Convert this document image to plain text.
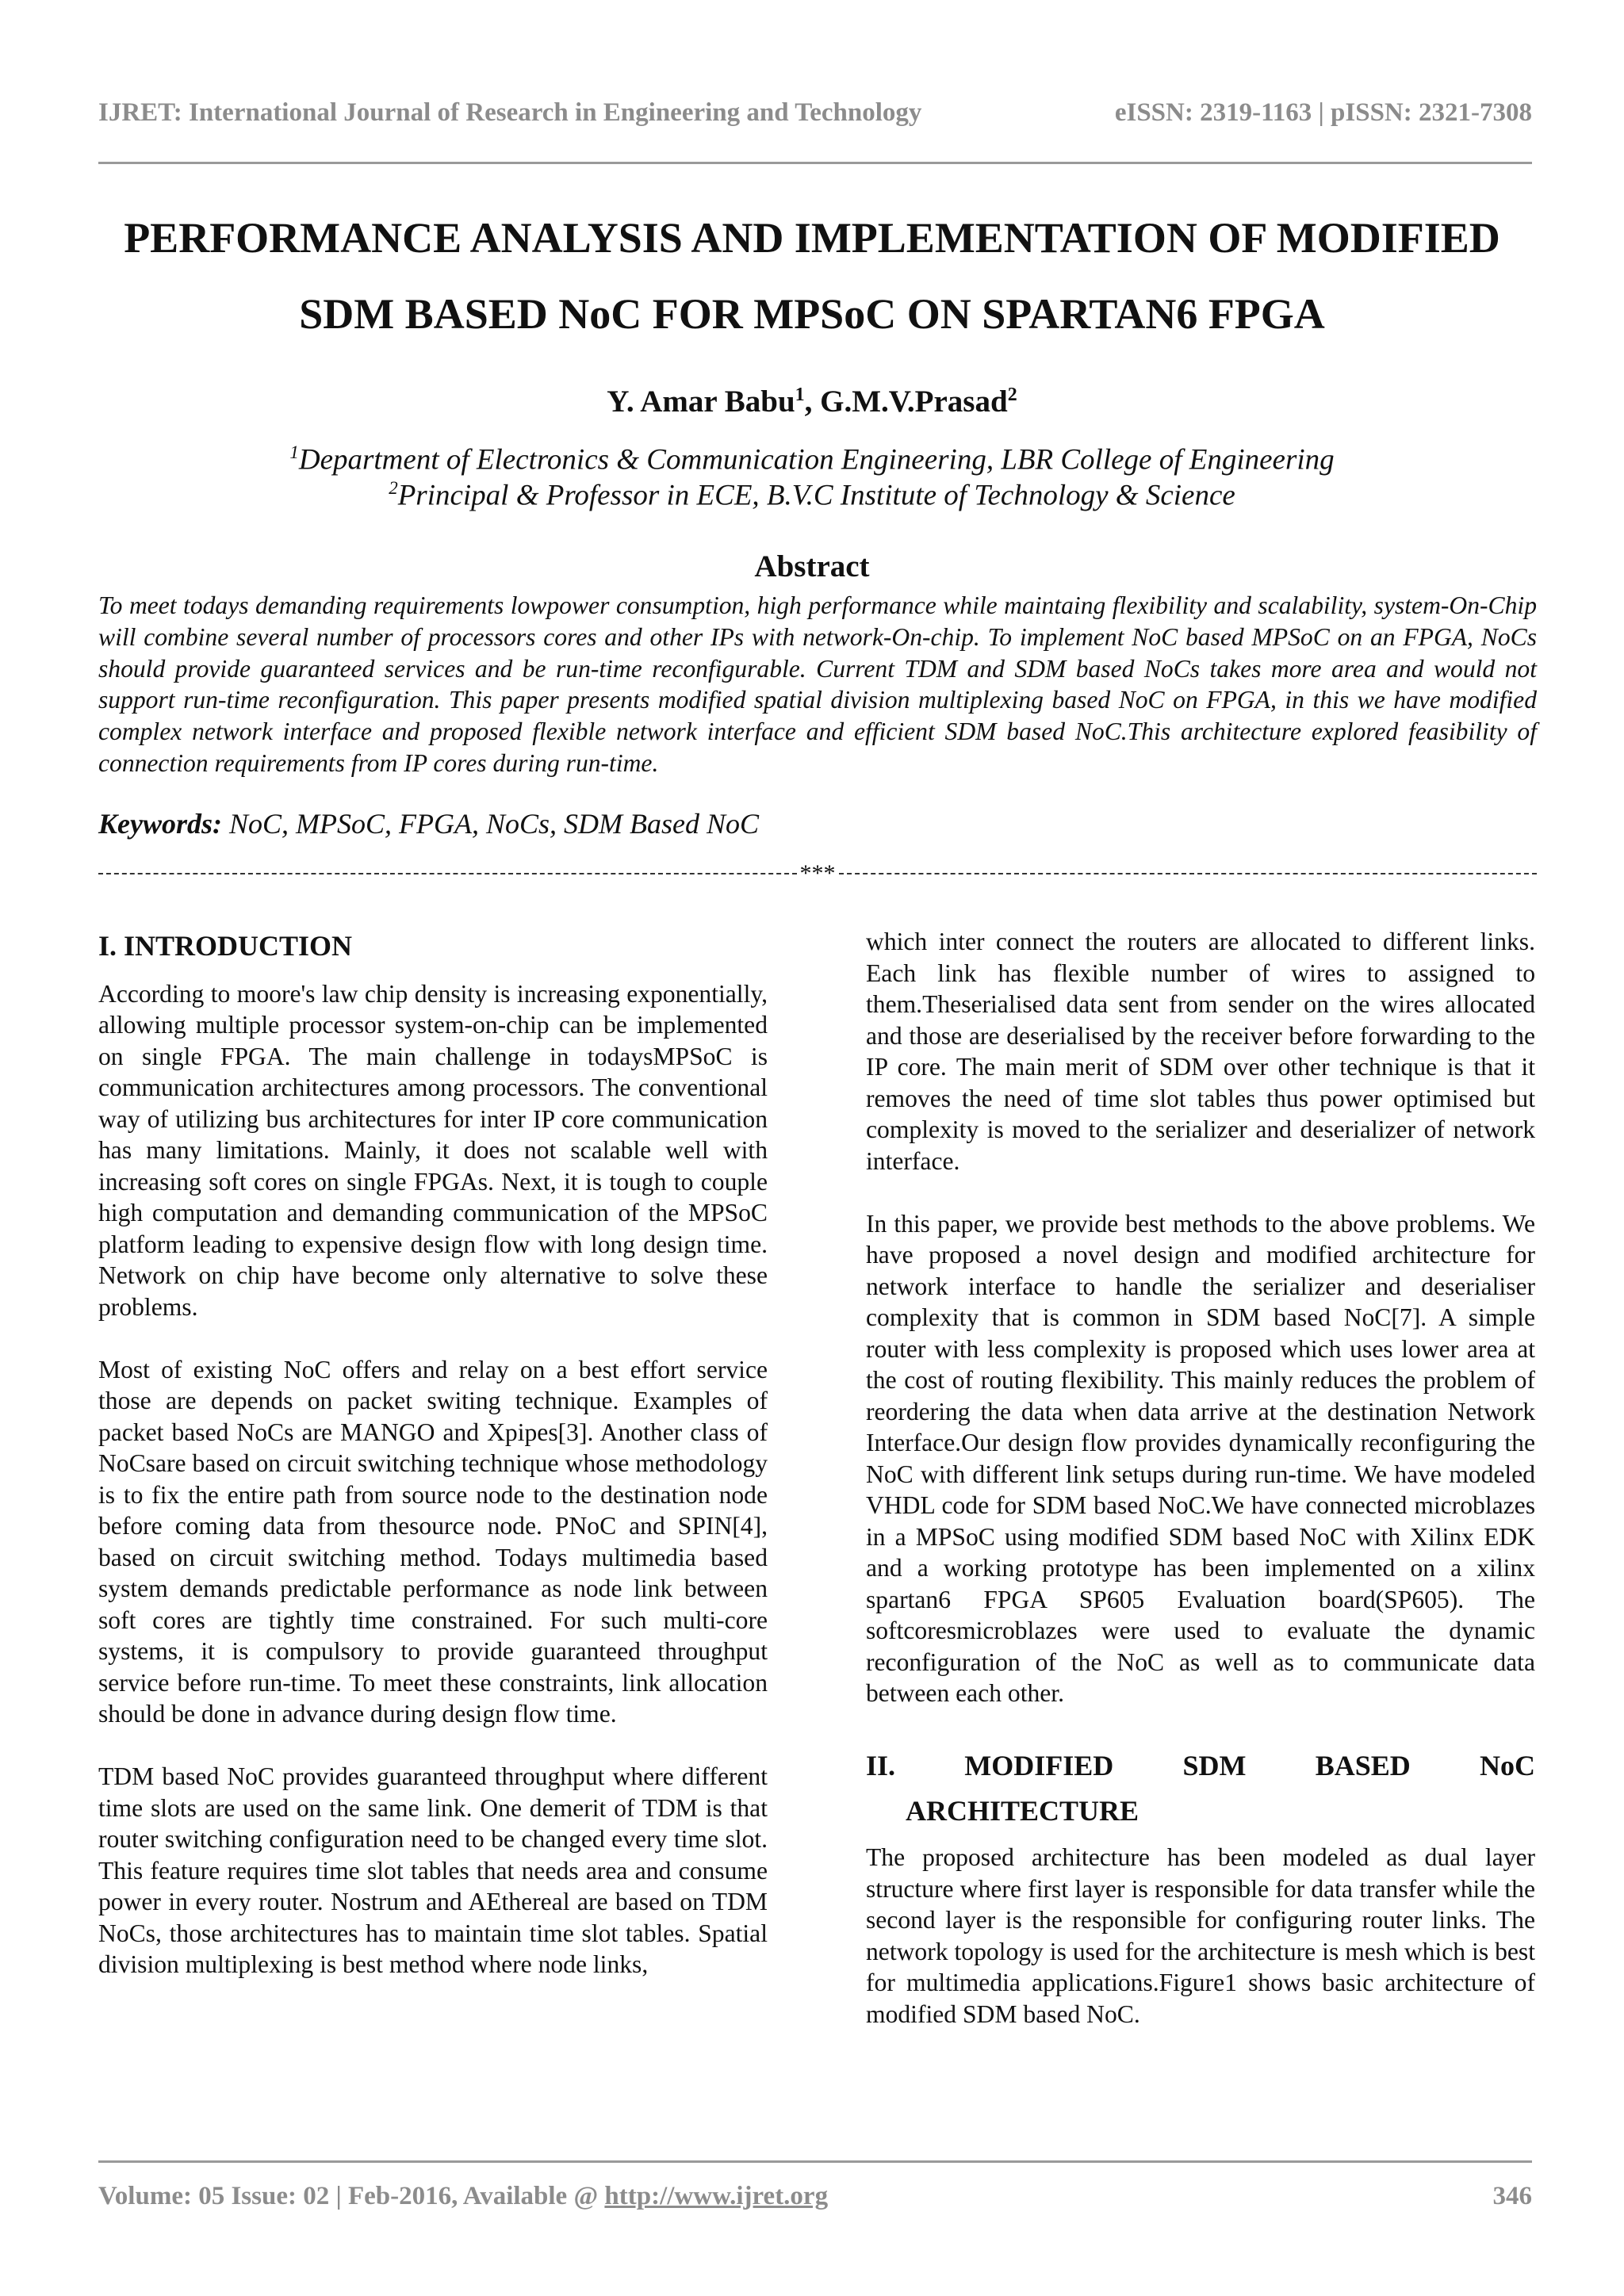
IJRET: International Journal of Research in Engineering and Technology	eISSN: 2319-1163 | pISSN: 2321-7308
PERFORMANCE ANALYSIS AND IMPLEMENTATION OF MODIFIED
SDM BASED NoC FOR MPSoC ON SPARTAN6 FPGA
Y. Amar Babu$^1$, G.M.V.Prasad$^2$
$^1$Department of Electronics & Communication Engineering, LBR College of Engineering
$^2$Principal & Professor in ECE, B.V.C Institute of Technology & Science
Abstract

To meet todays demanding requirements lowpower consumption, high performance while maintaing flexibility and scalability, system-On-Chip will combine several number of processors cores and other IPs with network-On-chip. To implement NoC based MPSoC on an FPGA, NoCs should provide guaranteed services and be run-time reconfigurable. Current TDM and SDM based NoCs takes more area and would not support run-time reconfiguration. This paper presents modified spatial division multiplexing based NoC on FPGA, in this we have modified complex network interface and proposed flexible network interface and efficient SDM based NoC.This architecture explored feasibility of connection requirements from IP cores during run-time.

Keywords: NoC, MPSoC, FPGA, NoCs, SDM Based NoC
***
I. INTRODUCTION

According to moore's law chip density is increasing exponentially, allowing multiple processor system-on-chip can be implemented on single FPGA. The main challenge in todaysMPSoC is communication architectures among processors. The conventional way of utilizing bus architectures for inter IP core communication has many limitations. Mainly, it does not scalable well with increasing soft cores on single FPGAs. Next, it is tough to couple high computation and demanding communication of the MPSoC platform leading to expensive design flow with long design time. Network on chip have become only alternative to solve these problems.

Most of existing NoC offers and relay on a best effort service those are depends on packet switing technique. Examples of packet based NoCs are MANGO and Xpipes[3]. Another class of NoCsare based on circuit switching technique whose methodology is to fix the entire path from source node to the destination node before coming data from thesource node. PNoC and SPIN[4], based on circuit switching method. Todays multimedia based system demands predictable performance as node link between soft cores are tightly time constrained. For such multi-core systems, it is compulsory to provide guaranteed throughput service before run-time. To meet these constraints, link allocation should be done in advance during design flow time.

TDM based NoC provides guaranteed throughput where different time slots are used on the same link. One demerit of TDM is that router switching configuration need to be changed every time slot. This feature requires time slot tables that needs area and consume power in every router. Nostrum and AEthereal are based on TDM NoCs, those architectures has to maintain time slot tables. Spatial division multiplexing is best method where node links,

which inter connect the routers are allocated to different links. Each link has flexible number of wires to assigned to them.Theserialised data sent from sender on the wires allocated and those are deserialised by the receiver before forwarding to the IP core. The main merit of SDM over other technique is that it removes the need of time slot tables thus power optimised but complexity is moved to the serializer and deserializer of network interface.

In this paper, we provide best methods to the above problems. We have proposed a novel design and modified architecture for network interface to handle the serializer and deserialiser complexity that is common in SDM based NoC[7]. A simple router with less complexity is proposed which uses lower area at the cost of routing flexibility. This mainly reduces the problem of reordering the data when data arrive at the destination Network Interface.Our design flow provides dynamically reconfiguring the NoC with different link setups during run-time. We have modeled VHDL code for SDM based NoC.We have connected microblazes in a MPSoC using modified SDM based NoC with Xilinx EDK and a working prototype has been implemented on a xilinx spartan6 FPGA SP605 Evaluation board(SP605). The softcoresmicroblazes were used to evaluate the dynamic reconfiguration of the NoC as well as to communicate data between each other.

II. MODIFIED SDM BASED NoC
ARCHITECTURE

The proposed architecture has been modeled as dual layer structure where first layer is responsible for data transfer while the second layer is the responsible for configuring router links. The network topology is used for the architecture is mesh which is best for multimedia applications.Figure1 shows basic architecture of modified SDM based NoC.

Volume: 05 Issue: 02 | Feb-2016, Available @ http://www.ijret.org	346
